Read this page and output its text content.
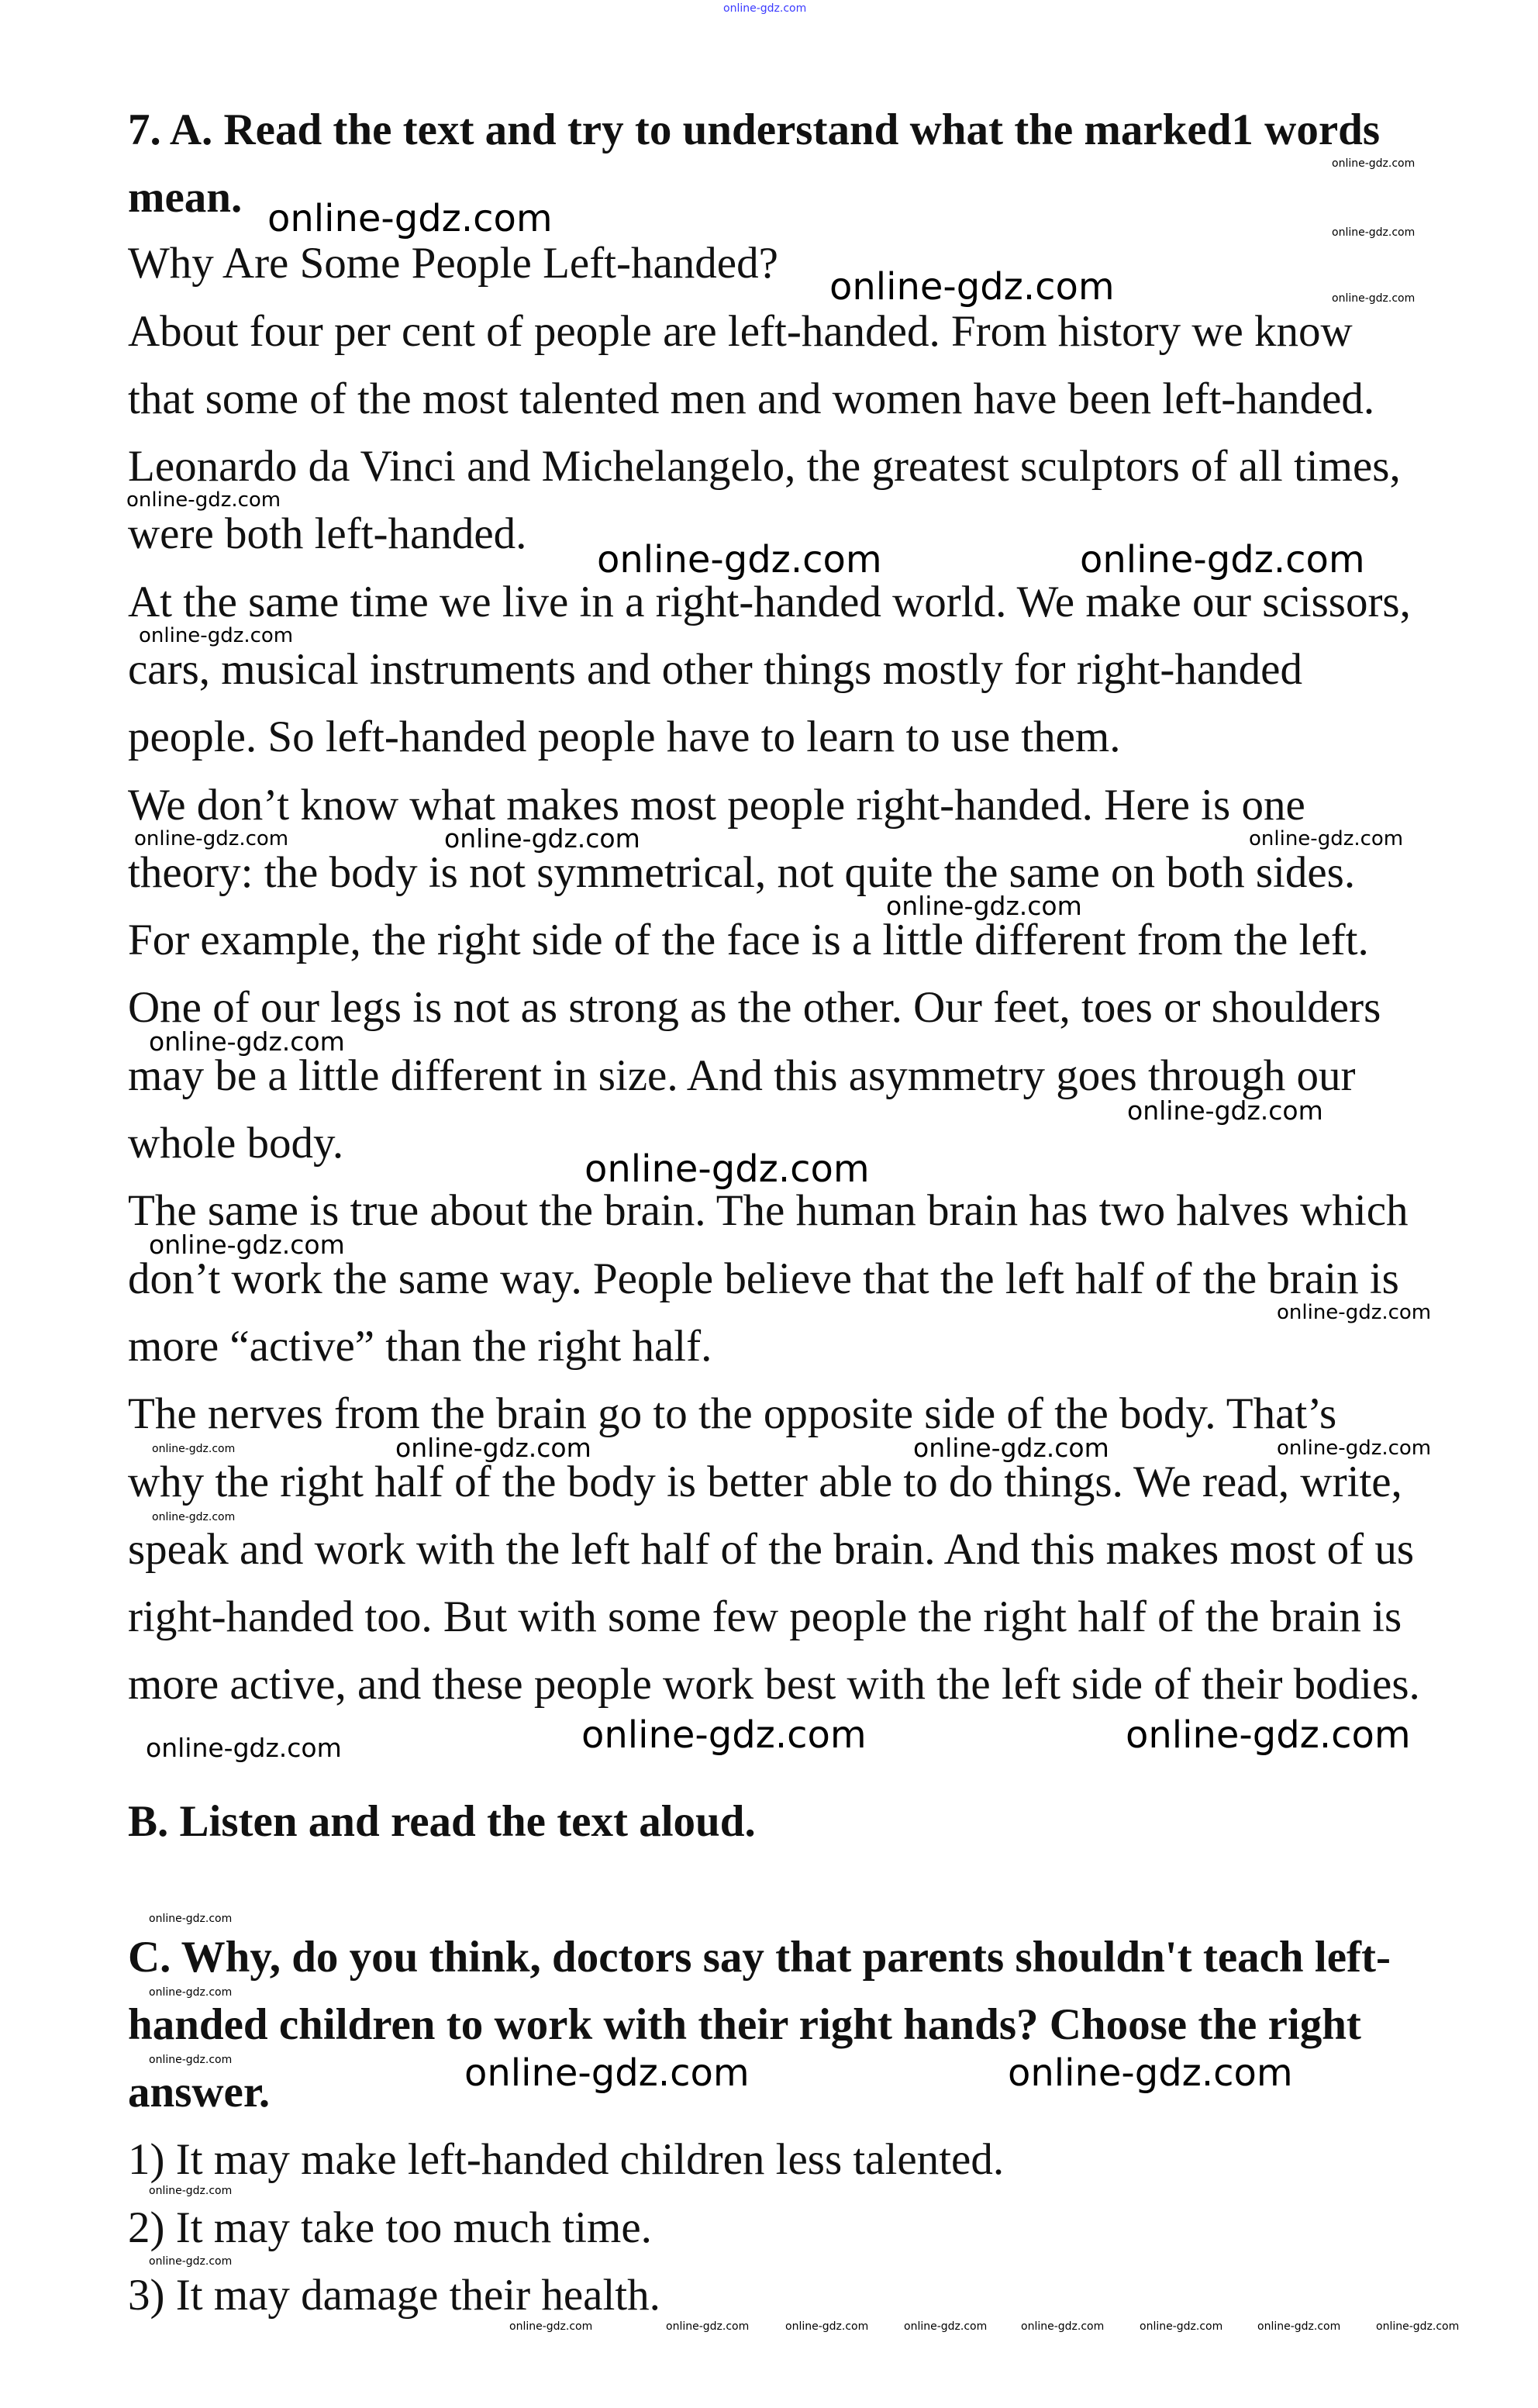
7. A. Read the text and try to understand what the marked1 words
mean.
Why Are Some People Left-handed?
About four per cent of people are left-handed. From history we know
that some of the most talented men and women have been left-handed.
Leonardo da Vinci and Michelangelo, the greatest sculptors of all times,
were both left-handed.
At the same time we live in a right-handed world. We make our scissors,
cars, musical instruments and other things mostly for right-handed
people. So left-handed people have to learn to use them.
We don’t know what makes most people right-handed. Here is one
theory: the body is not symmetrical, not quite the same on both sides.
For example, the right side of the face is a little different from the left.
One of our legs is not as strong as the other. Our feet, toes or shoulders
may be a little different in size. And this asymmetry goes through our
whole body.
The same is true about the brain. The human brain has two halves which
don’t work the same way. People believe that the left half of the brain is
more “active” than the right half.
The nerves from the brain go to the opposite side of the body. That’s
why the right half of the body is better able to do things. We read, write,
speak and work with the left half of the brain. And this makes most of us
right-handed too. But with some few people the right half of the brain is
more active, and these people work best with the left side of their bodies.
B. Listen and read the text aloud.
C. Why, do you think, doctors say that parents shouldn't teach left-
handed children to work with their right hands? Choose the right
answer.
1) It may make left-handed children less talented.
2) It may take too much time.
3) It may damage their health.
online-gdz.com
online-gdz.com
online-gdz.com
online-gdz.com	online-gdz.com
online-gdz.com
online-gdz.com	online-gdz.com
online-gdz.com	online-gdz.com
online-gdz.com
online-gdz.com
online-gdz.com	online-gdz.com	online-gdz.com
online-gdz.com
online-gdz.com
online-gdz.com
online-gdz.com
online-gdz.com
online-gdz.com	online-gdz.com	online-gdz.com
online-gdz.com
online-gdz.com
online-gdz.com
online-gdz.com
online-gdz.com
online-gdz.com
online-gdz.com
online-gdz.com
online-gdz.com
online-gdz.com
online-gdz.com
online-gdz.com	online-gdz.com	online-gdz.com	online-gdz.com	online-gdz.com	online-gdz.com	online-gdz.com	online-gdz.com
